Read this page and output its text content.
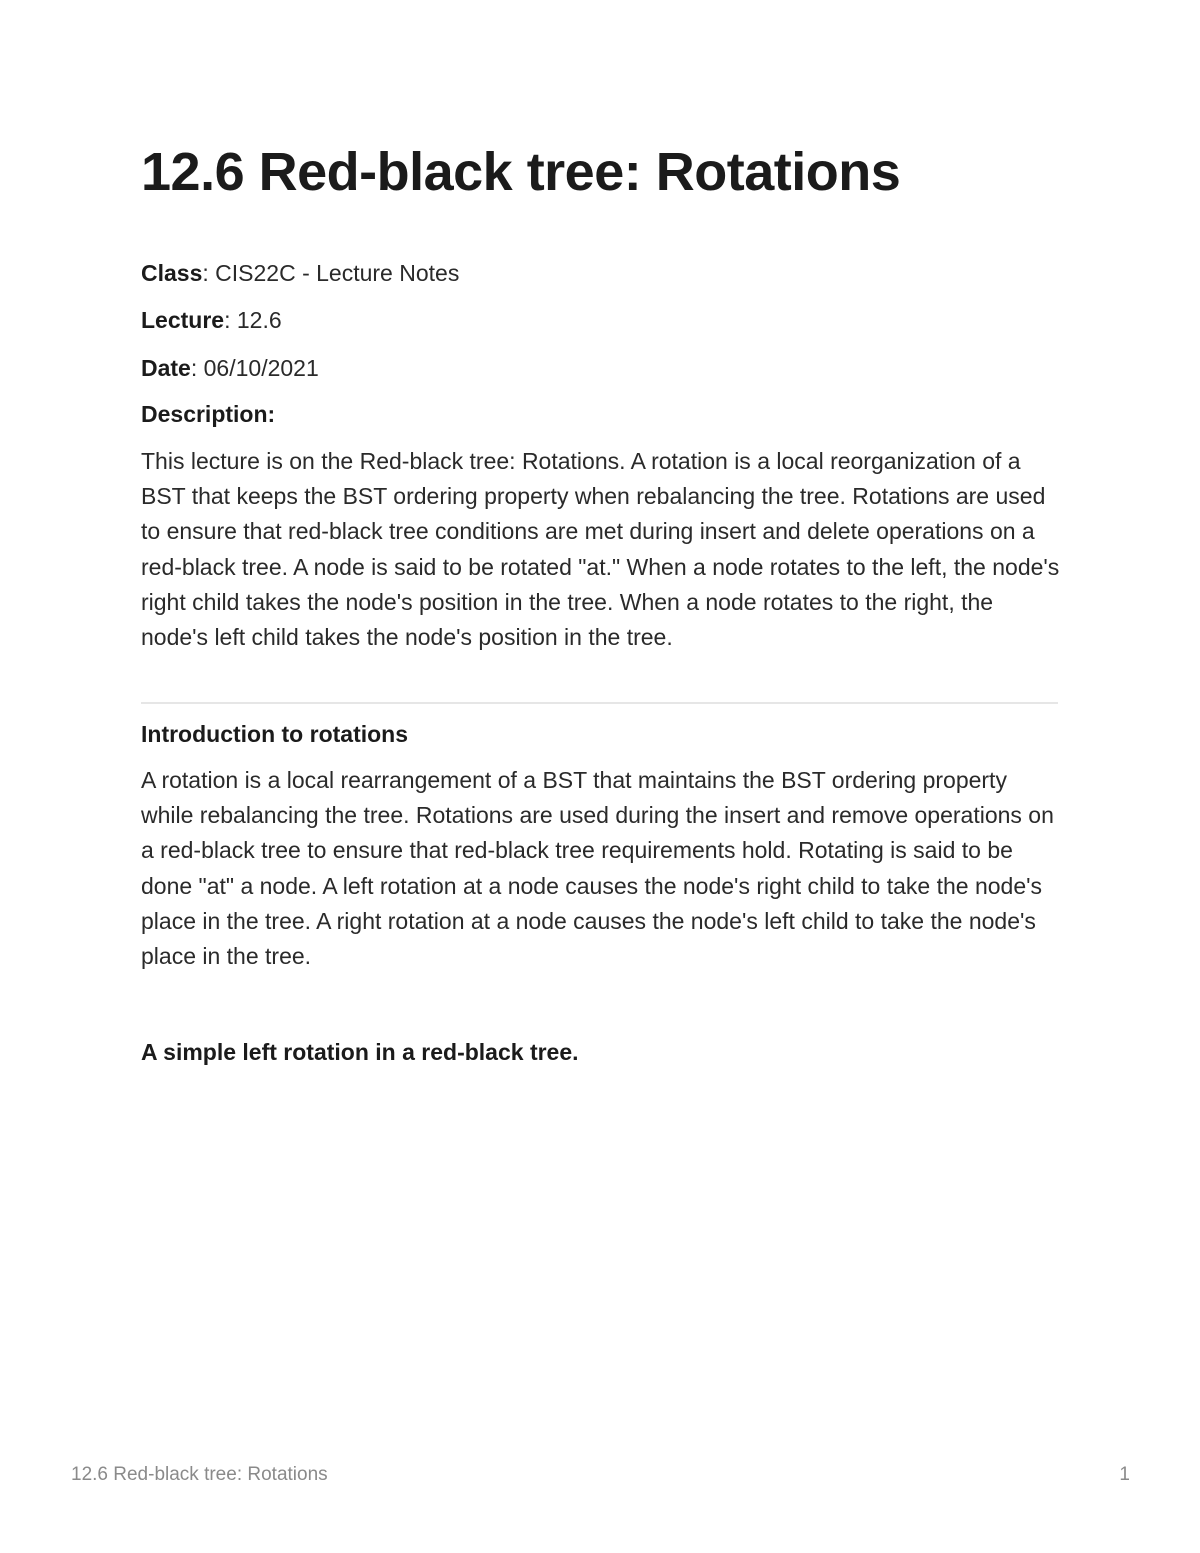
12.6 Red-black tree: Rotations

Class: CIS22C - Lecture Notes

Lecture: 12.6

Date: 06/10/2021

Description:

This lecture is on the Red-black tree: Rotations. A rotation is a local reorganization of a BST that keeps the BST ordering property when rebalancing the tree. Rotations are used to ensure that red-black tree conditions are met during insert and delete operations on a red-black tree. A node is said to be rotated "at." When a node rotates to the left, the node's right child takes the node's position in the tree. When a node rotates to the right, the node's left child takes the node's position in the tree.

Introduction to rotations

A rotation is a local rearrangement of a BST that maintains the BST ordering property while rebalancing the tree. Rotations are used during the insert and remove operations on a red-black tree to ensure that red-black tree requirements hold. Rotating is said to be done "at" a node. A left rotation at a node causes the node's right child to take the node's place in the tree. A right rotation at a node causes the node's left child to take the node's place in the tree.

A simple left rotation in a red-black tree.

12.6 Red-black tree: Rotations	1
